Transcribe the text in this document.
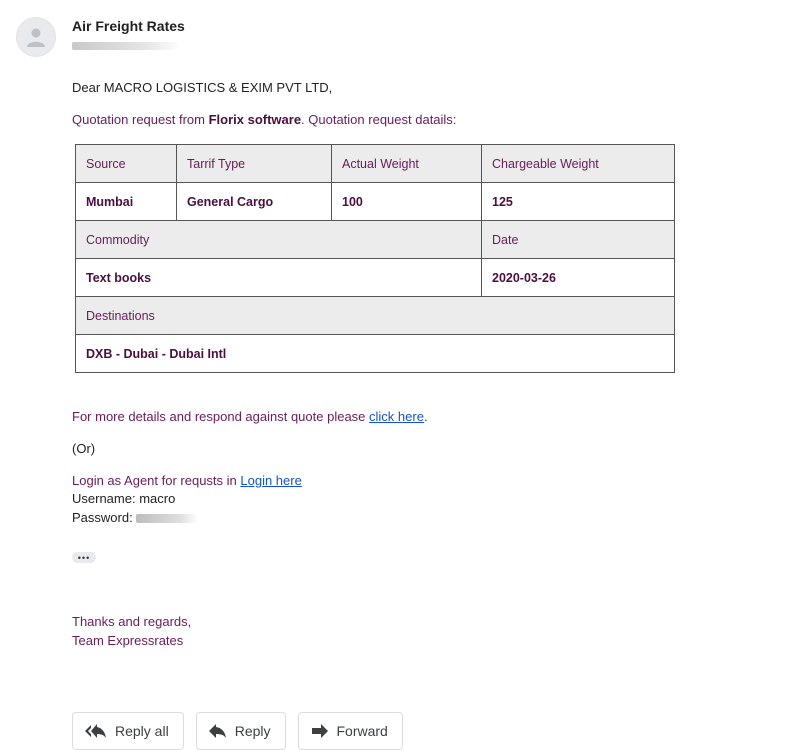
Air Freight Rates

Dear MACRO LOGISTICS & EXIM PVT LTD,

Quotation request from Florix software. Quotation request datails:

Source	Tarrif Type	Actual Weight	Chargeable Weight
Mumbai	General Cargo	100	125
Commodity			Date
Text books			2020-03-26
Destinations			
DXB - Dubai - Dubai Intl			

For more details and respond against quote please click here.

(Or)

Login as Agent for requsts in Login here

Username: macro
Password:
•••
Thanks and regards,
Team Expressrates
Reply all	Reply	Forward
